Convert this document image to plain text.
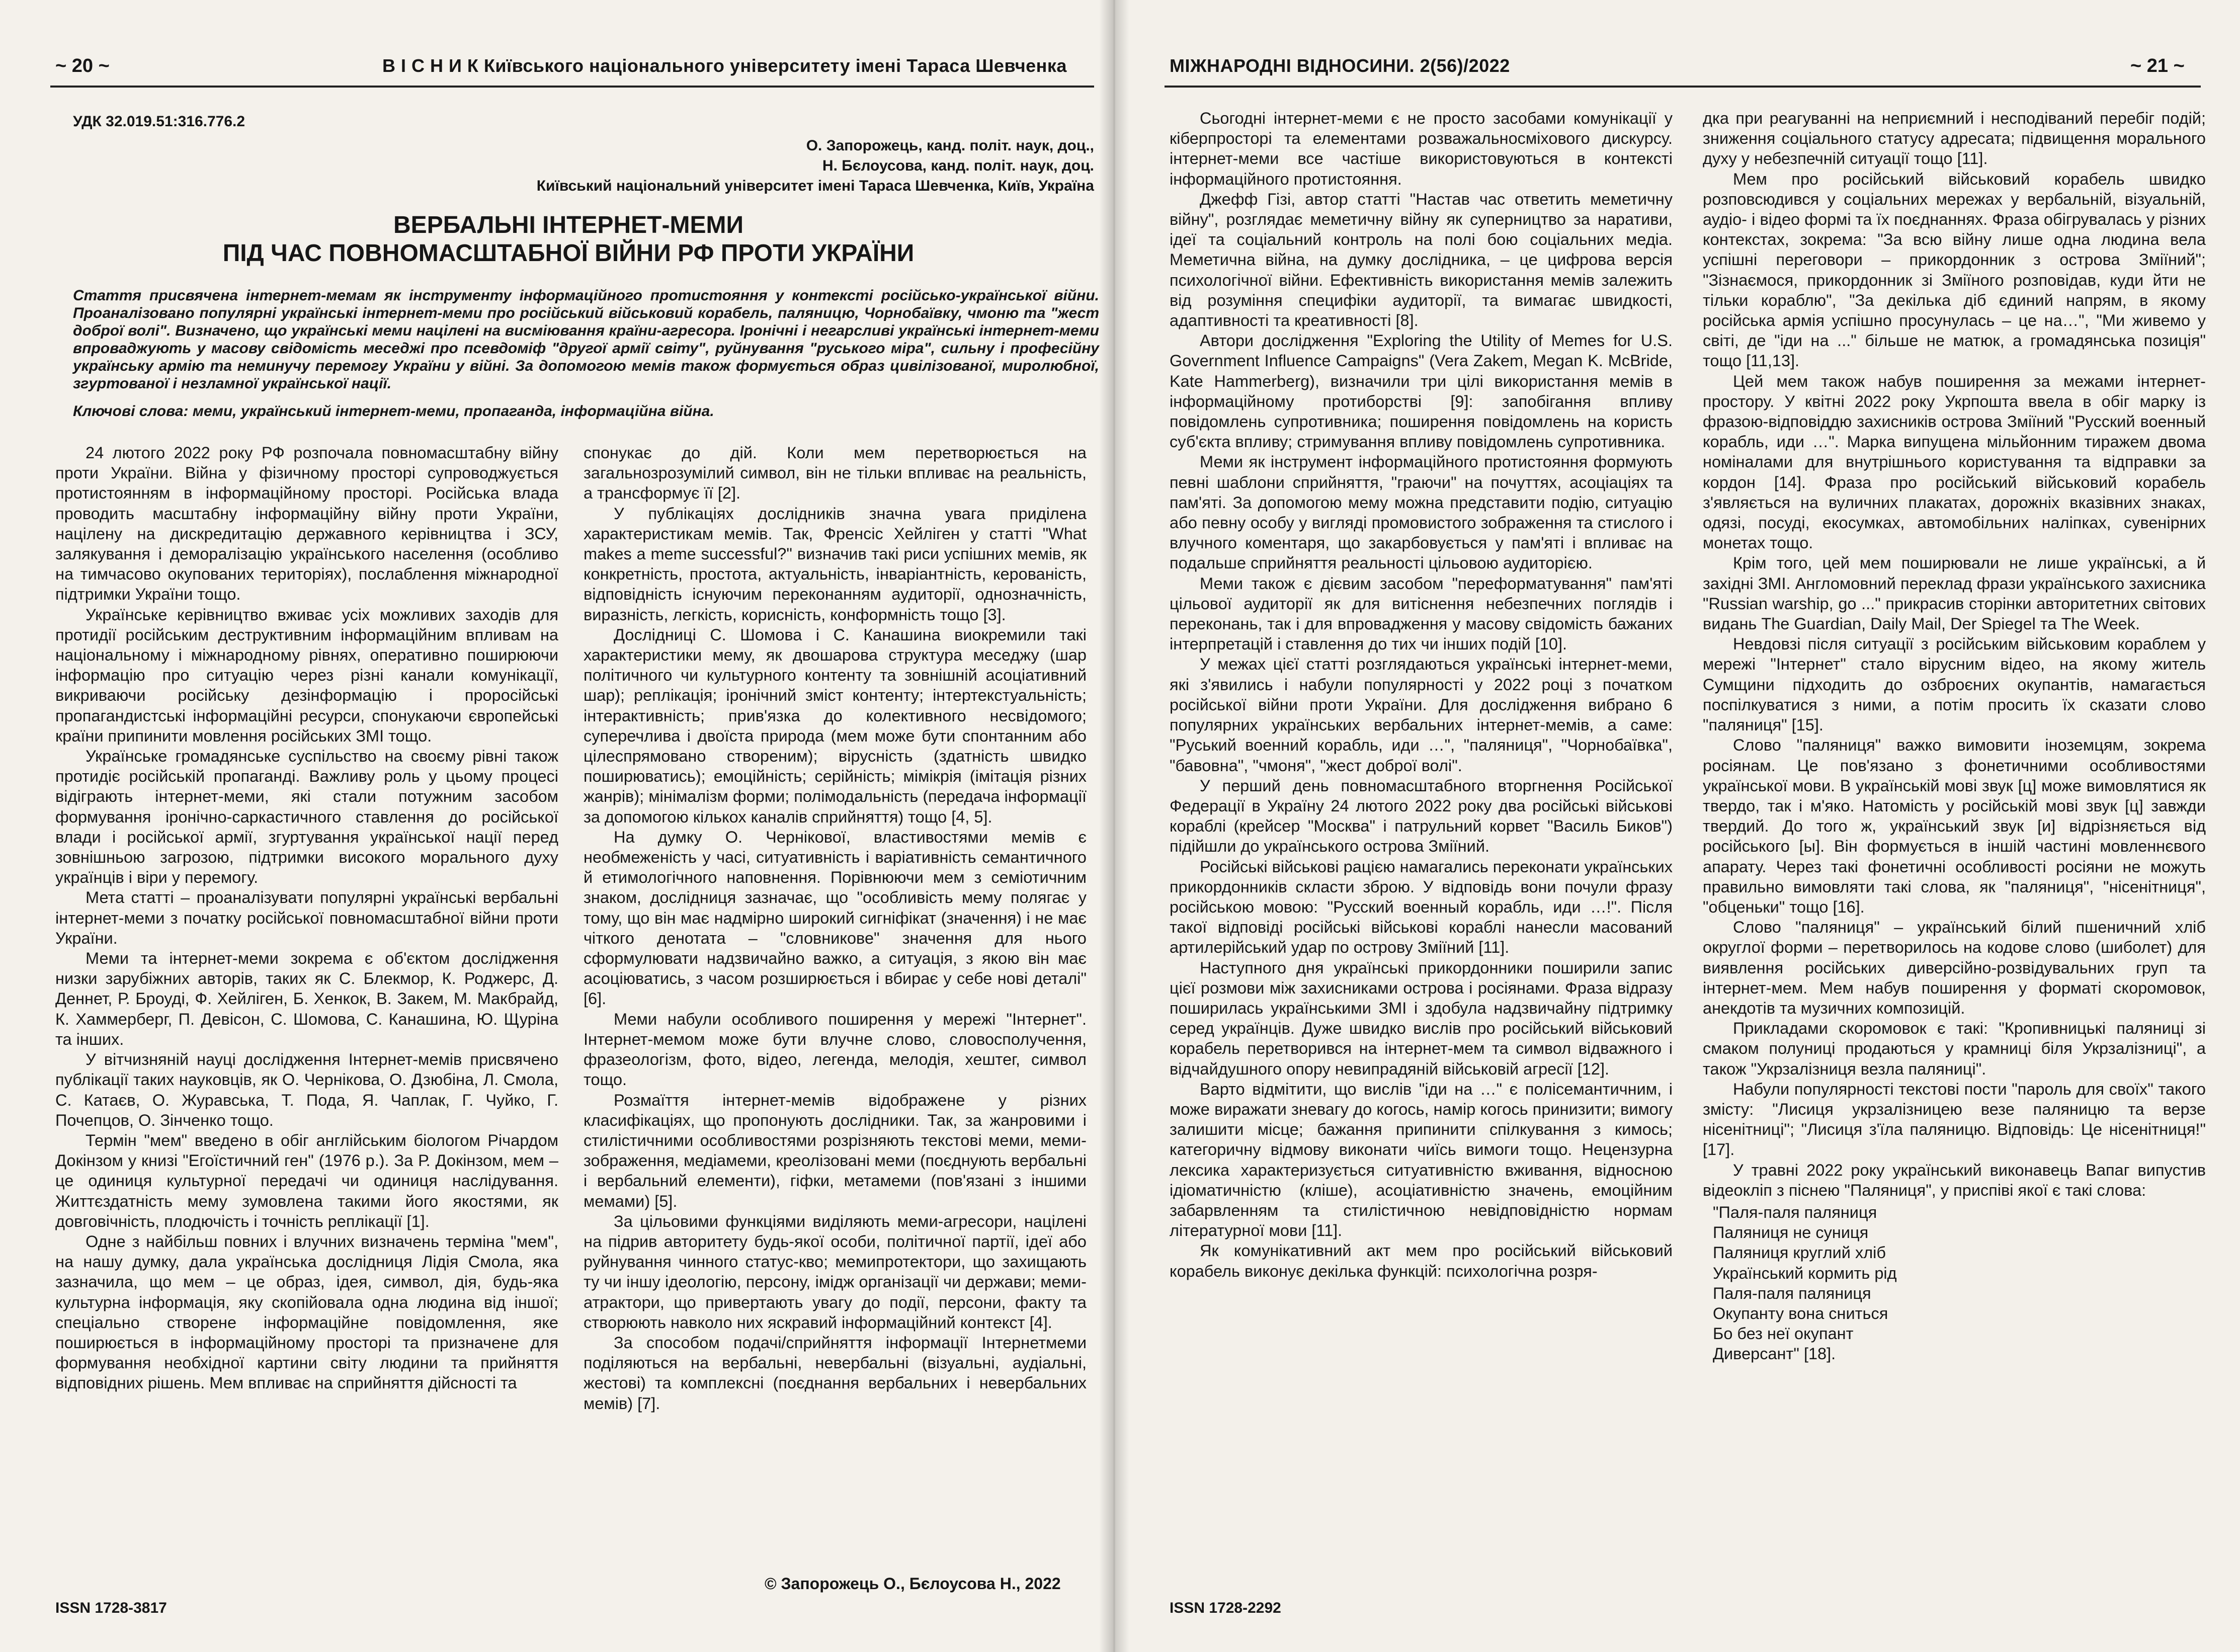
~ 20 ~	В І С Н И К Київського національного університету імені Тараса Шевченка
УДК 32.019.51:316.776.2
О. Запорожець, канд. політ. наук, доц.,
Н. Бєлоусова, канд. політ. наук, доц.
Київський національний університет імені Тараса Шевченка, Київ, Україна
ВЕРБАЛЬНІ ІНТЕРНЕТ-МЕМИ
ПІД ЧАС ПОВНОМАСШТАБНОЇ ВІЙНИ РФ ПРОТИ УКРАЇНИ
Стаття присвячена інтернет-мемам як інструменту інформаційного протистояння у контексті російсько-української війни. Проаналізовано популярні українські інтернет-меми про російський військовий корабель, паляницю, Чорнобаївку, чмоню та "жест доброї волі". Визначено, що українські меми націлені на висміювання країни-агресора. Іронічні і негарсливі українські інтернет-меми впроваджують у масову свідомість меседжі про псевдоміф "другої армії світу", руйнування "руського міра", сильну і професійну українську армію та неминучу перемогу України у війні. За допомогою мемів також формується образ цивілізованої, миролюбної, згуртованої і незламної української нації.
Ключові слова: меми, український інтернет-меми, пропаганда, інформаційна війна.

24 лютого 2022 року РФ розпочала повномасштабну війну проти України. Війна у фізичному просторі супроводжується протистоянням в інформаційному просторі. Російська влада проводить масштабну інформаційну війну проти України, націлену на дискредитацію державного керівництва і ЗСУ, залякування і деморалізацію українського населення (особливо на тимчасово окупованих територіях), послаблення міжнародної підтримки України тощо.

Українське керівництво вживає усіх можливих заходів для протидії російським деструктивним інформаційним впливам на національному і міжнародному рівнях, оперативно поширюючи інформацію про ситуацію через різні канали комунікації, викриваючи російську дезінформацію і проросійські пропагандистські інформаційні ресурси, спонукаючи європейські країни припинити мовлення російських ЗМІ тощо.

Українське громадянське суспільство на своєму рівні також протидіє російській пропаганді. Важливу роль у цьому процесі відіграють інтернет-меми, які стали потужним засобом формування іронічно-саркастичного ставлення до російської влади і російської армії, згуртування української нації перед зовнішньою загрозою, підтримки високого морального духу українців і віри у перемогу.

Мета статті – проаналізувати популярні українські вербальні інтернет-меми з початку російської повномасштабної війни проти України.

Меми та інтернет-меми зокрема є об'єктом дослідження низки зарубіжних авторів, таких як С. Блекмор, К. Роджерс, Д. Деннет, Р. Броуді, Ф. Хейліген, Б. Хенкок, В. Закем, М. Макбрайд, К. Хаммерберг, П. Девісон, С. Шомова, С. Канашина, Ю. Щуріна та інших.

У вітчизняній науці дослідження Інтернет-мемів присвячено публікації таких науковців, як О. Чернікова, О. Дзюбіна, Л. Смола, С. Катаєв, О. Журавська, Т. Пода, Я. Чаплак, Г. Чуйко, Г. Почепцов, О. Зінченко тощо.

Термін "мем" введено в обіг англійським біологом Річардом Докінзом у книзі "Егоїстичний ген" (1976 р.). За Р. Докінзом, мем – це одиниця культурної передачі чи одиниця наслідування. Життєздатність мему зумовлена такими його якостями, як довговічність, плодючість і точність реплікації [1].

Одне з найбільш повних і влучних визначень терміна "мем", на нашу думку, дала українська дослідниця Лідія Смола, яка зазначила, що мем – це образ, ідея, символ, дія, будь-яка культурна інформація, яку скопійовала одна людина від іншої; спеціально створене інформаційне повідомлення, яке поширюється в інформаційному просторі та призначене для формування необхідної картини світу людини та прийняття відповідних рішень. Мем впливає на сприйняття дійсності та

спонукає до дій. Коли мем перетворюється на загальнозрозумілий символ, він не тільки впливає на реальність, а трансформує її [2].

У публікаціях дослідників значна увага приділена характеристикам мемів. Так, Френсіс Хейліген у статті "What makes a meme successful?" визначив такі риси успішних мемів, як конкретність, простота, актуальність, інваріантність, керованість, відповідність існуючим переконанням аудиторії, однозначність, виразність, легкість, корисність, конформність тощо [3].

Дослідниці С. Шомова і С. Канашина виокремили такі характеристики мему, як двошарова структура меседжу (шар політичного чи культурного контенту та зовнішній асоціативний шар); реплікація; іронічний зміст контенту; інтертекстуальність; інтерактивність; прив'язка до колективного несвідомого; суперечлива і двоїста природа (мем може бути спонтанним або цілеспрямовано створеним); вірусність (здатність швидко поширюватись); емоційність; серійність; мімікрія (імітація різних жанрів); мінімалізм форми; полімодальність (передача інформації за допомогою кількох каналів сприйняття) тощо [4, 5].

На думку О. Чернікової, властивостями мемів є необмеженість у часі, ситуативність і варіативність семантичного й етимологічного наповнення. Порівнюючи мем з семіотичним знаком, дослідниця зазначає, що "особливість мему полягає у тому, що він має надмірно широкий сигніфікат (значення) і не має чіткого денотата – "словникове" значення для нього сформулювати надзвичайно важко, а ситуація, з якою він має асоціюватись, з часом розширюється і вбирає у себе нові деталі" [6].

Меми набули особливого поширення у мережі "Інтернет". Інтернет-мемом може бути влучне слово, словосполучення, фразеологізм, фото, відео, легенда, мелодія, хештег, символ тощо.

Розмаїття інтернет-мемів відображене у різних класифікаціях, що пропонують дослідники. Так, за жанровими і стилістичними особливостями розрізняють текстові меми, меми-зображення, медіамеми, креолізовані меми (поєднують вербальні і вербальний елементи), гіфки, метамеми (пов'язані з іншими мемами) [5].

За цільовими функціями виділяють меми-агресори, націлені на підрив авторитету будь-якої особи, політичної партії, ідеї або руйнування чинного статус-кво; мемипротектори, що захищають ту чи іншу ідеологію, персону, імідж організації чи держави; меми-атрактори, що привертають увагу до події, персони, факту та створюють навколо них яскравий інформаційний контекст [4].

За способом подачі/сприйняття інформації Інтернетмеми поділяються на вербальні, невербальні (візуальні, аудіальні, жестові) та комплексні (поєднання вербальних і невербальних мемів) [7].

© Запорожець О., Бєлоусова Н., 2022
ISSN 1728-3817
МІЖНАРОДНІ ВІДНОСИНИ. 2(56)/2022	~ 21 ~

Сьогодні інтернет-меми є не просто засобами комунікації у кіберпросторі та елементами розважальносміхового дискурсу. інтернет-меми все частіше використовуються в контексті інформаційного протистояння.

Джефф Гізі, автор статті "Настав час ответить меметичну війну", розглядає меметичну війну як суперництво за наративи, ідеї та соціальний контроль на полі бою соціальних медіа. Меметична війна, на думку дослідника, – це цифрова версія психологічної війни. Ефективність використання мемів залежить від розуміння специфіки аудиторії, та вимагає швидкості, адаптивності та креативності [8].

Автори дослідження "Exploring the Utility of Memes for U.S. Government Influence Campaigns" (Vera Zakem, Megan K. McBride, Kate Hammerberg), визначили три цілі використання мемів в інформаційному протиборстві [9]: запобігання впливу повідомлень супротивника; поширення повідомлень на користь суб'єкта впливу; стримування впливу повідомлень супротивника.

Меми як інструмент інформаційного протистояння формують певні шаблони сприйняття, "граючи" на почуттях, асоціаціях та пам'яті. За допомогою мему можна представити подію, ситуацію або певну особу у вигляді промовистого зображення та стислого і влучного коментаря, що закарбовується у пам'яті і впливає на подальше сприйняття реальності цільовою аудиторією.

Меми також є дієвим засобом "переформатування" пам'яті цільової аудиторії як для витіснення небезпечних поглядів і переконань, так і для впровадження у масову свідомість бажаних інтерпретацій і ставлення до тих чи інших подій [10].

У межах цієї статті розглядаються українські інтернет-меми, які з'явились і набули популярності у 2022 році з початком російської війни проти України. Для дослідження вибрано 6 популярних українських вербальних інтернет-мемів, а саме: "Руський военний корабль, иди …", "паляниця", "Чорнобаївка", "бавовна", "чмоня", "жест доброї волі".

У перший день повномасштабного вторгнення Російської Федерації в Україну 24 лютого 2022 року два російські військові кораблі (крейсер "Москва" і патрульний корвет "Василь Биков") підійшли до українського острова Зміїний.

Російські військові рацією намагались переконати українських прикордонників скласти зброю. У відповідь вони почули фразу російською мовою: "Русский военный корабль, иди …!". Після такої відповіді російські військові кораблі нанесли масований артилерійський удар по острову Зміїний [11].

Наступного дня українські прикордонники поширили запис цієї розмови між захисниками острова і росіянами. Фраза відразу поширилась українськими ЗМІ і здобула надзвичайну підтримку серед українців. Дуже швидко вислів про російський військовий корабель перетворився на інтернет-мем та символ відважного і відчайдушного опору невипрадяній військовій агресії [12].

Варто відмітити, що вислів "іди на …" є полісемантичним, і може виражати зневагу до когось, намір когось принизити; вимогу залишити місце; бажання припинити спілкування з кимось; категоричну відмову виконати чиїсь вимоги тощо. Нецензурна лексика характеризується ситуативністю вживання, відносною ідіоматичністю (кліше), асоціативністю значень, емоційним забарвленням та стилістичною невідповідністю нормам літературної мови [11].

Як комунікативний акт мем про російський військовий корабель виконує декілька функцій: психологічна розря-

дка при реагуванні на неприємний і несподіваний перебіг подій; зниження соціального статусу адресата; підвищення морального духу у небезпечній ситуації тощо [11].

Мем про російський військовий корабель швидко розповсюдився у соціальних мережах у вербальній, візуальній, аудіо- і відео формі та їх поєднаннях. Фраза обігрувалась у різних контекстах, зокрема: "За всю війну лише одна людина вела успішні переговори – прикордонник з острова Зміїний"; "Зізнаємося, прикордонник зі Зміїного розповідав, куди йти не тільки кораблю", "За декілька діб єдиний напрям, в якому російська армія успішно просунулась – це на…", "Ми живемо у світі, де "іди на ..." більше не матюк, а громадянська позиція" тощо [11,13].

Цей мем також набув поширення за межами інтернет-простору. У квітні 2022 року Укрпошта ввела в обіг марку із фразою-відповіддю захисників острова Зміїний "Русский военный корабль, иди …". Марка випущена мільйонним тиражем двома номіналами для внутрішнього користування та відправки за кордон [14]. Фраза про російський військовий корабель з'являється на вуличних плакатах, дорожніх вказівних знаках, одязі, посуді, екосумках, автомобільних наліпках, сувенірних монетах тощо.

Крім того, цей мем поширювали не лише українські, а й західні ЗМІ. Англомовний переклад фрази українського захисника "Russian warship, go ..." прикрасив сторінки авторитетних світових видань The Guardian, Daily Mail, Der Spiegel та The Week.

Невдовзі після ситуації з російським військовим кораблем у мережі "Інтернет" стало вірусним відео, на якому житель Сумщини підходить до озброєних окупантів, намагається поспілкуватися з ними, а потім просить їх сказати слово "паляниця" [15].

Слово "паляниця" важко вимовити іноземцям, зокрема росіянам. Це пов'язано з фонетичними особливостями української мови. В українській мові звук [ц] може вимовлятися як твердо, так і м'яко. Натомість у російській мові звук [ц] завжди твердий. До того ж, український звук [и] відрізняється від російського [ы]. Він формується в іншій частині мовленнєвого апарату. Через такі фонетичні особливості росіяни не можуть правильно вимовляти такі слова, як "паляниця", "нісенітниця", "обценьки" тощо [16].

Слово "паляниця" – український білий пшеничний хліб округлої форми – перетворилось на кодове слово (шиболет) для виявлення російських диверсійно-розвідувальних груп та інтернет-мем. Мем набув поширення у форматі скоромовок, анекдотів та музичних композицій.

Прикладами скоромовок є такі: "Кропивницькі паляниці зі смаком полуниці продаються у крамниці біля Укрзалізниці", а також "Укрзалізниця везла паляниці".

Набули популярності текстові пости "пароль для своїх" такого змісту: "Лисиця укрзалізницею везе паляницю та верзе нісенітниці"; "Лисиця з'їла паляницю. Відповідь: Це нісенітниця!" [17].

У травні 2022 року український виконавець Вапаг випустив відеокліп з піснею "Паляниця", у приспіві якої є такі слова:

"Паля-паля паляниця
Паляниця не суниця
Паляниця круглий хліб
Український кормить рід
Паля-паля паляниця
Окупанту вона сниться
Бо без неї окупант
Диверсант" [18].
ISSN 1728-2292
